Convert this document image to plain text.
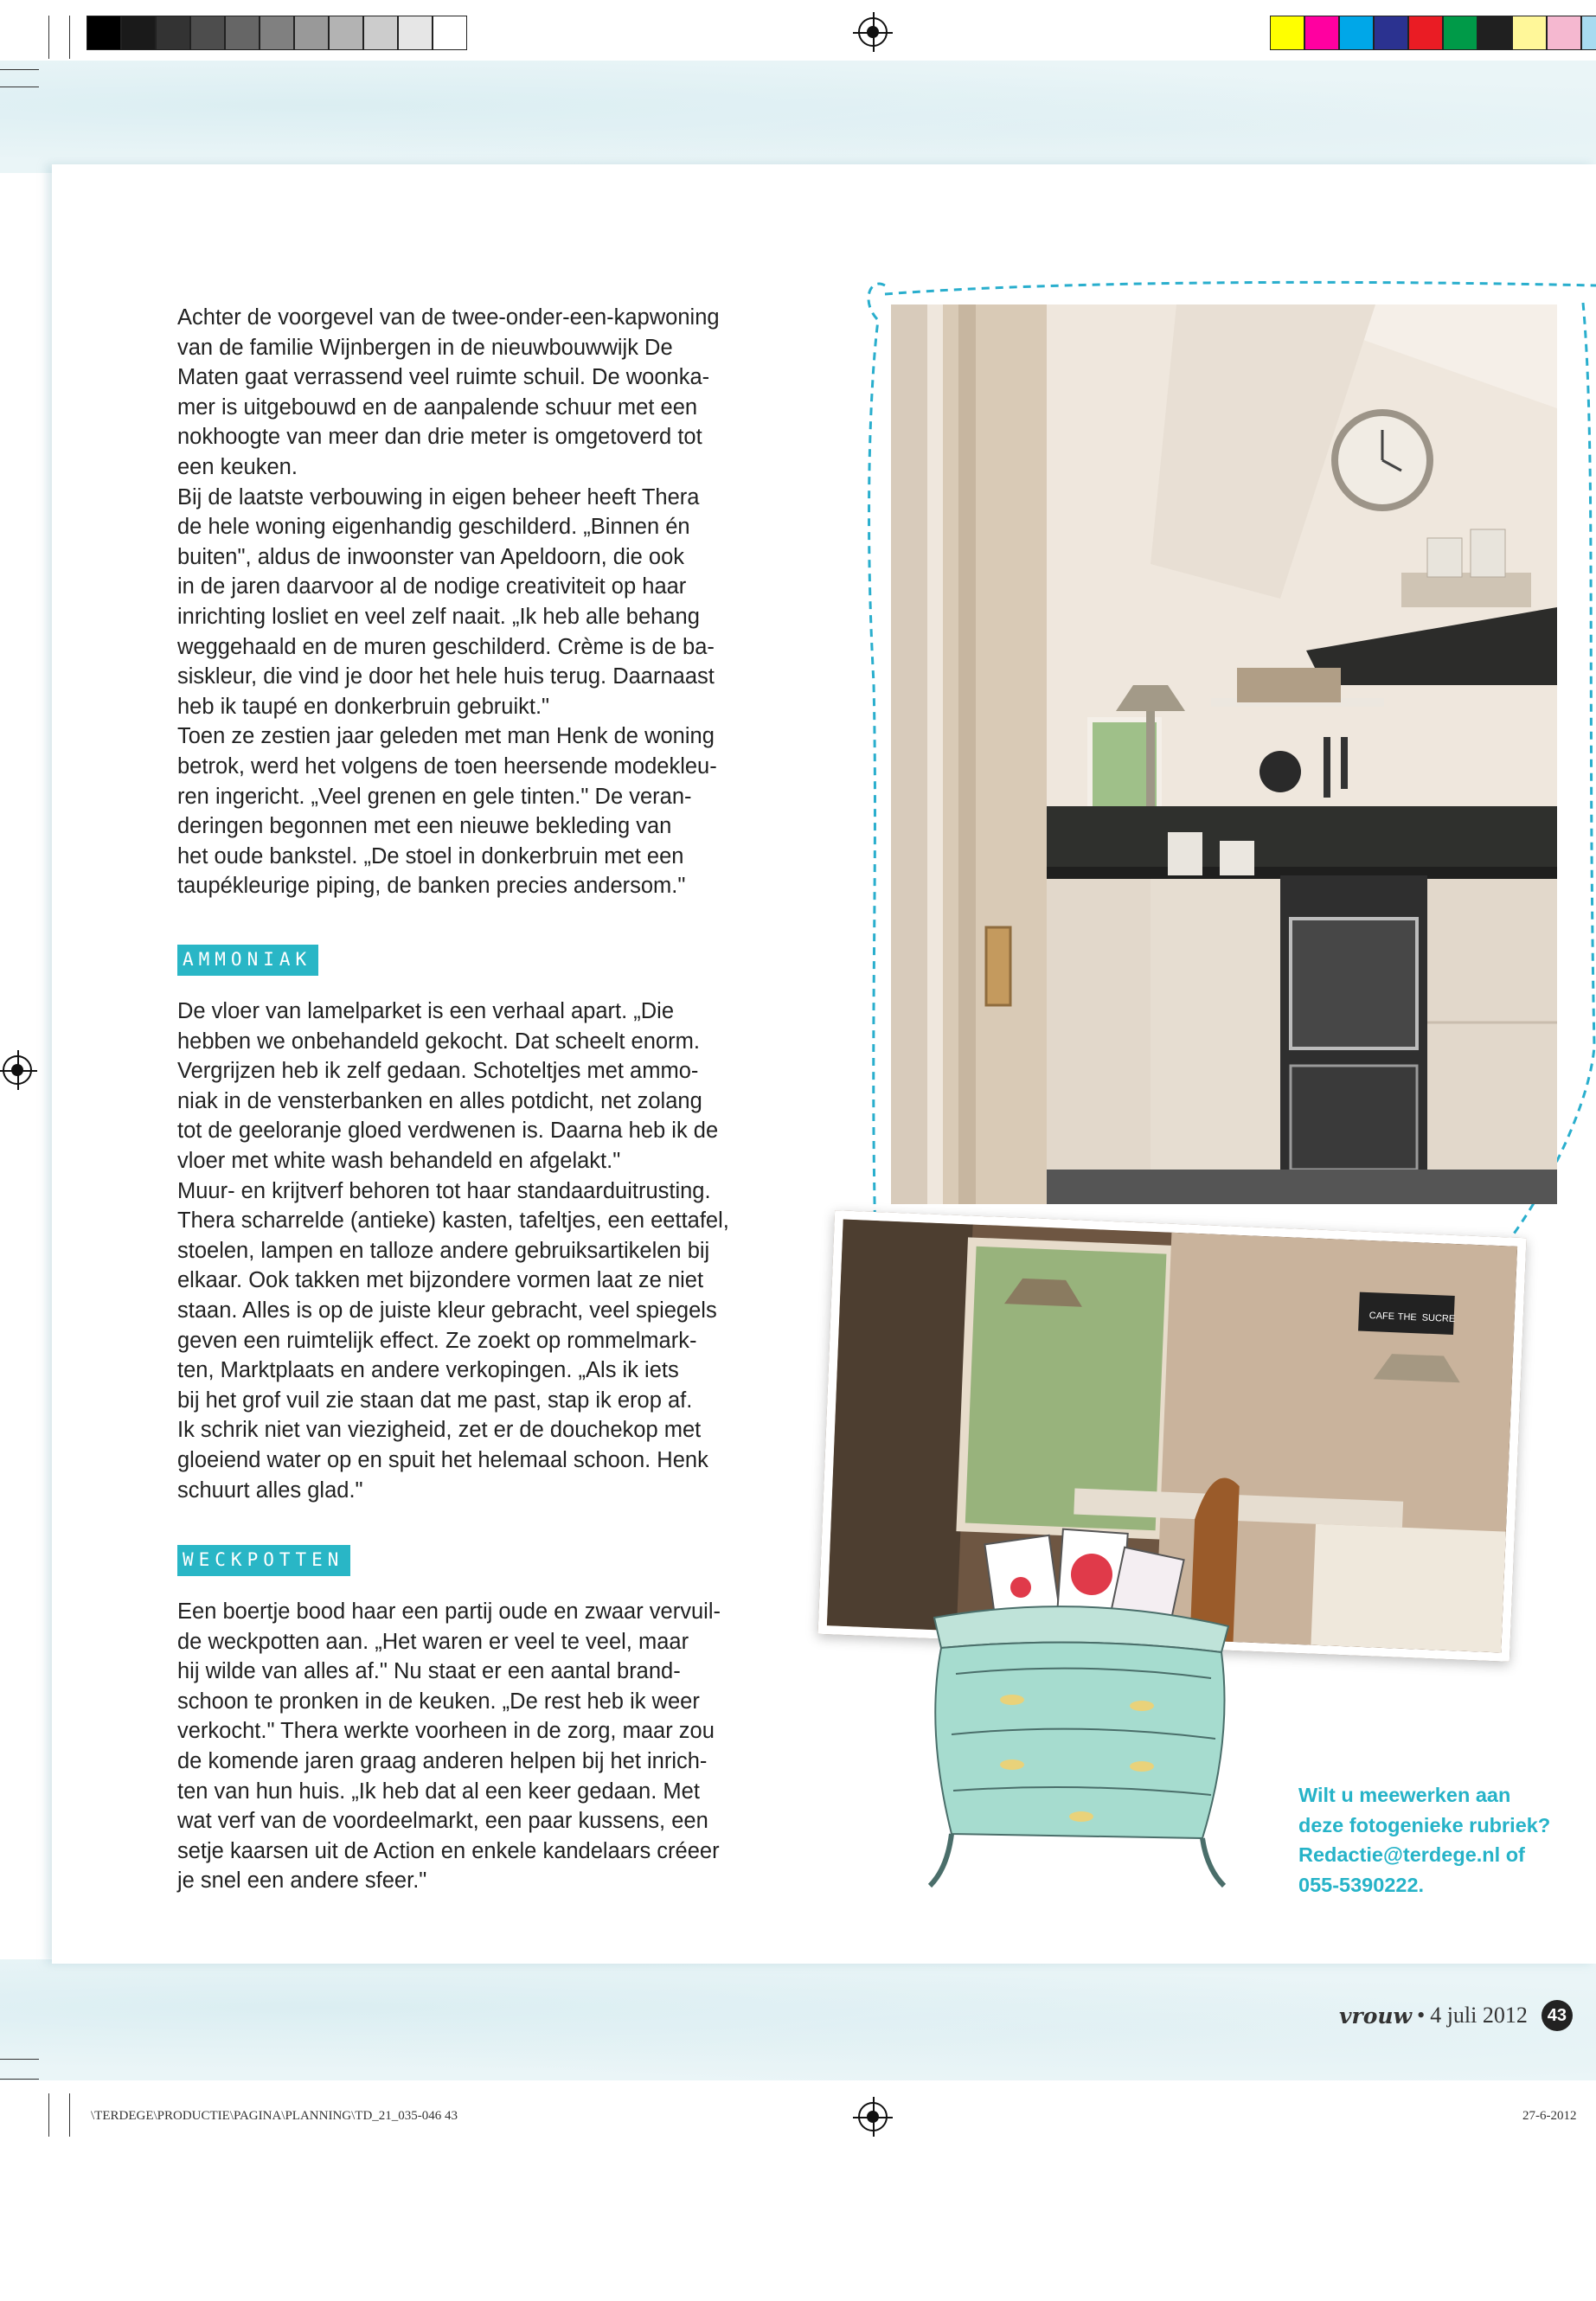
Achter de voorgevel van de twee-onder-een-kapwoning
van de familie Wijnbergen in de nieuwbouwwijk De
Maten gaat verrassend veel ruimte schuil. De woonka-
mer is uitgebouwd en de aanpalende schuur met een
nokhoogte van meer dan drie meter is omgetoverd tot
een keuken.
Bij de laatste verbouwing in eigen beheer heeft Thera
de hele woning eigenhandig geschilderd. „Binnen én
buiten", aldus de inwoonster van Apeldoorn, die ook
in de jaren daarvoor al de nodige creativiteit op haar
inrichting losliet en veel zelf naait. „Ik heb alle behang
weggehaald en de muren geschilderd. Crème is de ba-
siskleur, die vind je door het hele huis terug. Daarnaast
heb ik taupé en donkerbruin gebruikt."
Toen ze zestien jaar geleden met man Henk de woning
betrok, werd het volgens de toen heersende modekleu-
ren ingericht. „Veel grenen en gele tinten." De veran-
deringen begonnen met een nieuwe bekleding van
het oude bankstel. „De stoel in donkerbruin met een
taupékleurige piping, de banken precies andersom."
AMMONIAK
De vloer van lamelparket is een verhaal apart. „Die
hebben we onbehandeld gekocht. Dat scheelt enorm.
Vergrijzen heb ik zelf gedaan. Schoteltjes met ammo-
niak in de vensterbanken en alles potdicht, net zolang
tot de geeloranje gloed verdwenen is. Daarna heb ik de
vloer met white wash behandeld en afgelakt."
Muur- en krijtverf behoren tot haar standaarduitrusting.
Thera scharrelde (antieke) kasten, tafeltjes, een eettafel,
stoelen, lampen en talloze andere gebruiksartikelen bij
elkaar. Ook takken met bijzondere vormen laat ze niet
staan. Alles is op de juiste kleur gebracht, veel spiegels
geven een ruimtelijk effect. Ze zoekt op rommelmark-
ten, Marktplaats en andere verkopingen. „Als ik iets
bij het grof vuil zie staan dat me past, stap ik erop af.
Ik schrik niet van viezigheid, zet er de douchekop met
gloeiend water op en spuit het helemaal schoon. Henk
schuurt alles glad."
WECKPOTTEN
Een boertje bood haar een partij oude en zwaar vervuil-
de weckpotten aan. „Het waren er veel te veel, maar
hij wilde van alles af." Nu staat er een aantal brand-
schoon te pronken in de keuken. „De rest heb ik weer
verkocht." Thera werkte voorheen in de zorg, maar zou
de komende jaren graag anderen helpen bij het inrich-
ten van hun huis. „Ik heb dat al een keer gedaan. Met
wat verf van de voordeelmarkt, een paar kussens, een
setje kaarsen uit de Action en enkele kandelaars créeer
je snel een andere sfeer."
CAFE THE SUCRE
Wilt u meewerken aan
deze fotogenieke rubriek?
Redactie@terdege.nl of
055-5390222.
vrouw • 4 juli 2012	43
\TERDEGE\PRODUCTIE\PAGINA\PLANNING\TD_21_035-046 43	27-6-2012
